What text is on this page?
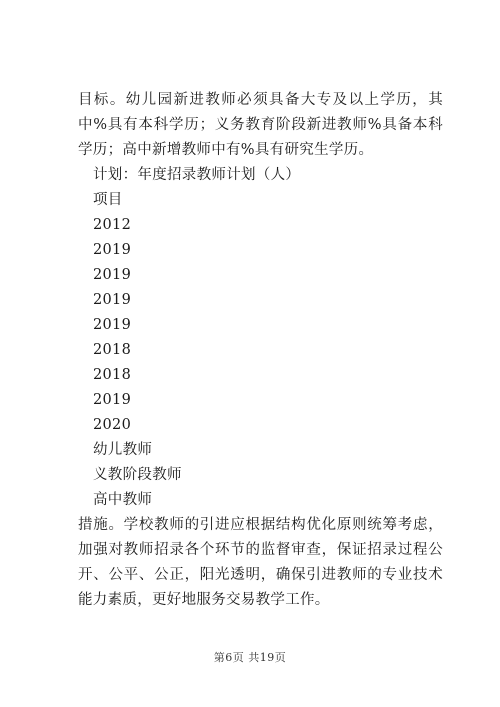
目标。幼儿园新进教师必须具备大专及以上学历，其中%具有本科学历；义务教育阶段新进教师%具备本科学历；高中新增教师中有%具有研究生学历。

计划：年度招录教师计划（人）

项目

2012

2019

2019

2019

2019

2018

2018

2019

2020

幼儿教师

义教阶段教师

高中教师

措施。学校教师的引进应根据结构优化原则统筹考虑，加强对教师招录各个环节的监督审查，保证招录过程公开、公平、公正，阳光透明，确保引进教师的专业技术能力素质，更好地服务交易教学工作。

第6页 共19页
